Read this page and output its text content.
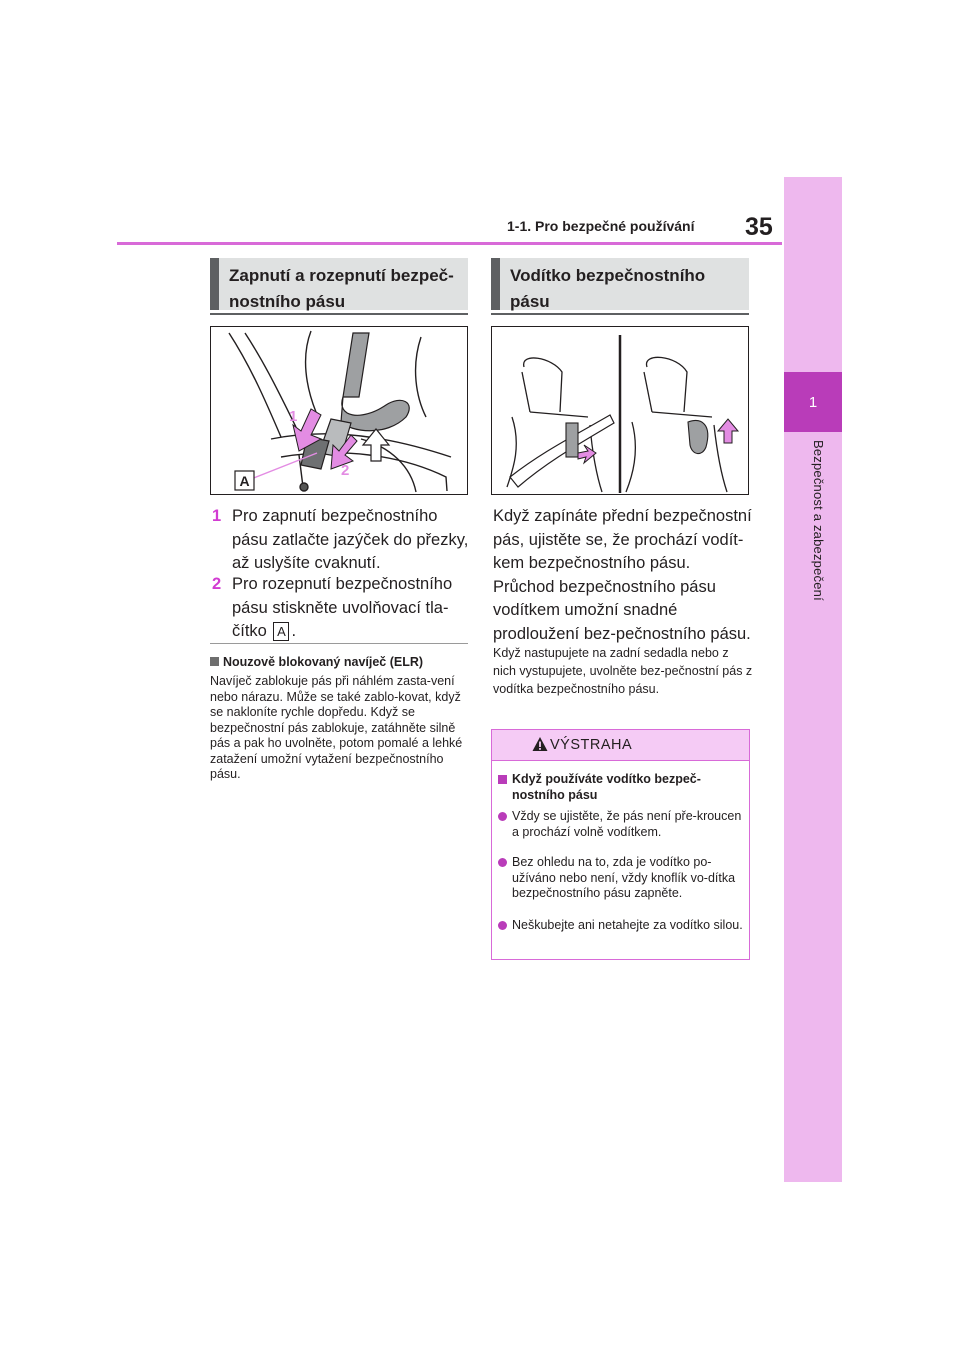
1
Bezpečnost a zabezpečení
1-1. Pro bezpečné používání 35
Zapnutí a rozepnutí bezpeč-
nostního pásu
1
2
A
1 Pro zapnutí bezpečnostního pásu zatlačte jazýček do přezky, až uslyšíte cvaknutí.
2 Pro rozepnutí bezpečnostního pásu stiskněte uvolňovací tla-čítko A .
Nouzově blokovaný navíječ (ELR)
Navíječ zablokuje pás při náhlém zasta-vení nebo nárazu. Může se také zablo-kovat, když se nakloníte rychle dopředu. Když se bezpečnostní pás zablokuje, zatáhněte silně pás a pak ho uvolněte, potom pomalé a lehké zatažení umožní vytažení bezpečnostního pásu.
Vodítko bezpečnostního
pásu
Když zapínáte přední bezpečnostní pás, ujistěte se, že prochází vodít-kem bezpečnostního pásu. Průchod bezpečnostního pásu vodítkem umožní snadné prodloužení bez-pečnostního pásu.
Když nastupujete na zadní sedadla nebo z nich vystupujete, uvolněte bez-pečnostní pás z vodítka bezpečnostního pásu.
VÝSTRAHA
Když používáte vodítko bezpeč-nostního pásu
Vždy se ujistěte, že pás není pře-kroucen a prochází volně vodítkem.
Bez ohledu na to, zda je vodítko po-užíváno nebo není, vždy knoflík vo-dítka bezpečnostního pásu zapněte.
Neškubejte ani netahejte za vodítko silou.
